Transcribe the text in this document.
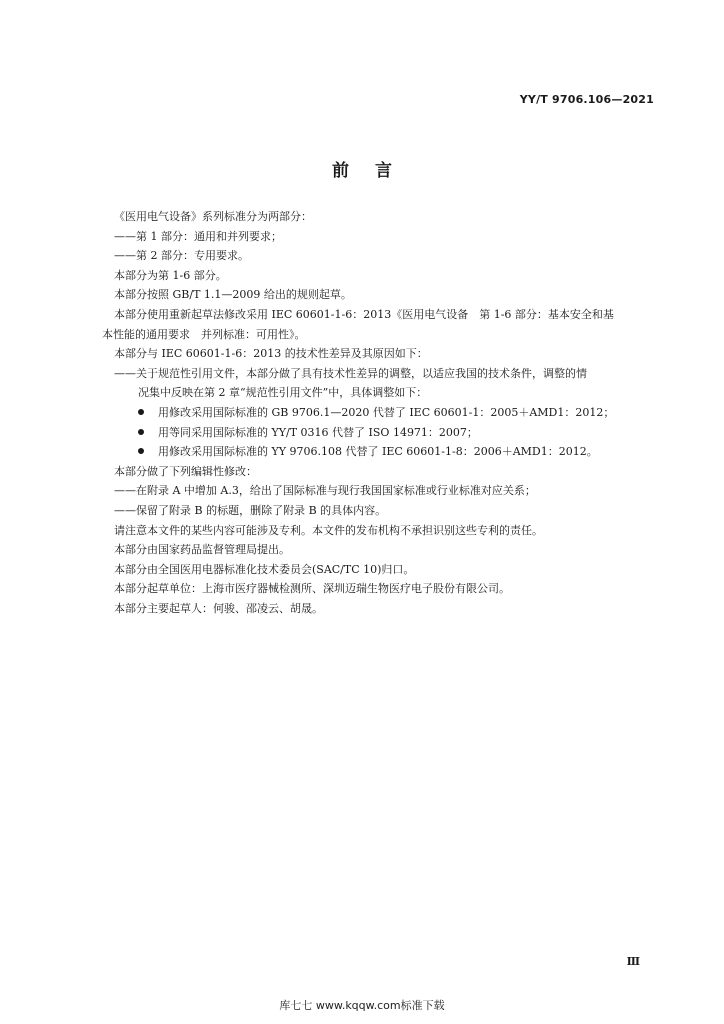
YY/T 9706.106—2021
前言
《医用电气设备》系列标准分为两部分：
——第 1 部分：通用和并列要求；
——第 2 部分：专用要求。
本部分为第 1-6 部分。
本部分按照 GB/T 1.1—2009 给出的规则起草。
本部分使用重新起草法修改采用 IEC 60601-1-6：2013《医用电气设备　第 1-6 部分：基本安全和基
本性能的通用要求　并列标准：可用性》。
本部分与 IEC 60601-1-6：2013 的技术性差异及其原因如下：
——关于规范性引用文件，本部分做了具有技术性差异的调整，以适应我国的技术条件，调整的情
况集中反映在第 2 章“规范性引用文件”中，具体调整如下：
用修改采用国际标准的 GB 9706.1—2020 代替了 IEC 60601-1：2005＋AMD1：2012；
用等同采用国际标准的 YY/T 0316 代替了 ISO 14971：2007；
用修改采用国际标准的 YY 9706.108 代替了 IEC 60601-1-8：2006＋AMD1：2012。
本部分做了下列编辑性修改：
——在附录 A 中增加 A.3，给出了国际标准与现行我国国家标准或行业标准对应关系；
——保留了附录 B 的标题，删除了附录 B 的具体内容。
请注意本文件的某些内容可能涉及专利。本文件的发布机构不承担识别这些专利的责任。
本部分由国家药品监督管理局提出。
本部分由全国医用电器标准化技术委员会(SAC/TC 10)归口。
本部分起草单位：上海市医疗器械检测所、深圳迈瑞生物医疗电子股份有限公司。
本部分主要起草人：何骏、邵凌云、胡晟。
Ⅲ
库七七 www.kqqw.com标准下载
